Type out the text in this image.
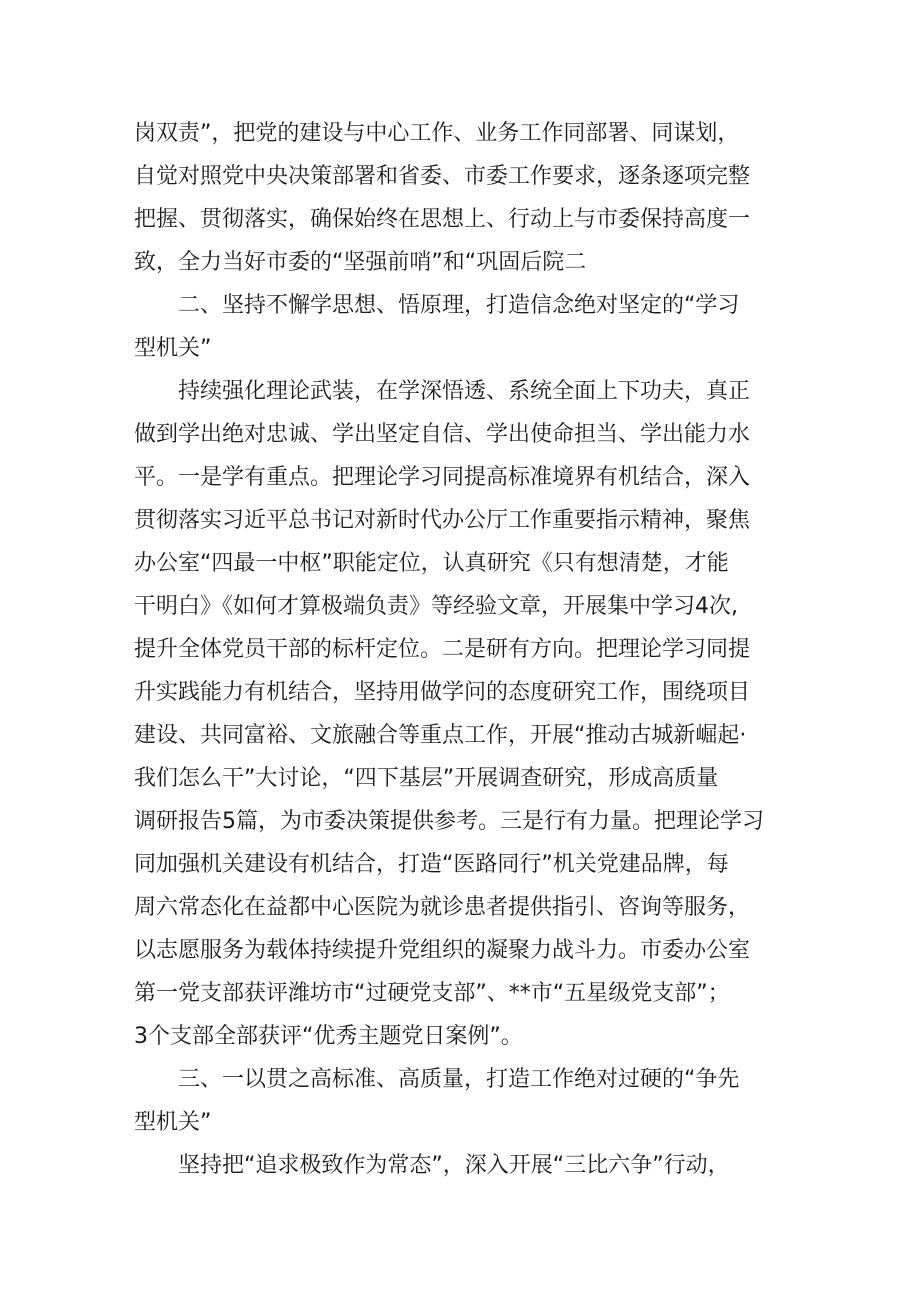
岗双责”，把党的建设与中心工作、业务工作同部署、同谋划，
自觉对照党中央决策部署和省委、市委工作要求，逐条逐项完整
把握、贯彻落实，确保始终在思想上、行动上与市委保持高度一
致，全力当好市委的“坚强前哨”和“巩固后院二
二、坚持不懈学思想、悟原理，打造信念绝对坚定的“学习
型机关”
持续强化理论武装，在学深悟透、系统全面上下功夫，真正
做到学出绝对忠诚、学出坚定自信、学出使命担当、学出能力水
平。一是学有重点。把理论学习同提高标准境界有机结合，深入
贯彻落实习近平总书记对新时代办公厅工作重要指示精神，聚焦
办公室“四最一中枢”职能定位，认真研究《只有想清楚，才能
干明白》《如何才算极端负责》等经验文章，开展集中学习4次,
提升全体党员干部的标杆定位。二是研有方向。把理论学习同提
升实践能力有机结合，坚持用做学问的态度研究工作，围绕项目
建设、共同富裕、文旅融合等重点工作，开展“推动古城新崛起·
我们怎么干”大讨论，“四下基层”开展调查研究，形成高质量
调研报告5篇，为市委决策提供参考。三是行有力量。把理论学习
同加强机关建设有机结合，打造“医路同行”机关党建品牌，每
周六常态化在益都中心医院为就诊患者提供指引、咨询等服务，
以志愿服务为载体持续提升党组织的凝聚力战斗力。市委办公室
第一党支部获评潍坊市“过硬党支部”、**市“五星级党支部”；
3个支部全部获评“优秀主题党日案例”。
三、一以贯之高标准、高质量，打造工作绝对过硬的“争先
型机关”
坚持把“追求极致作为常态”，深入开展“三比六争”行动，
